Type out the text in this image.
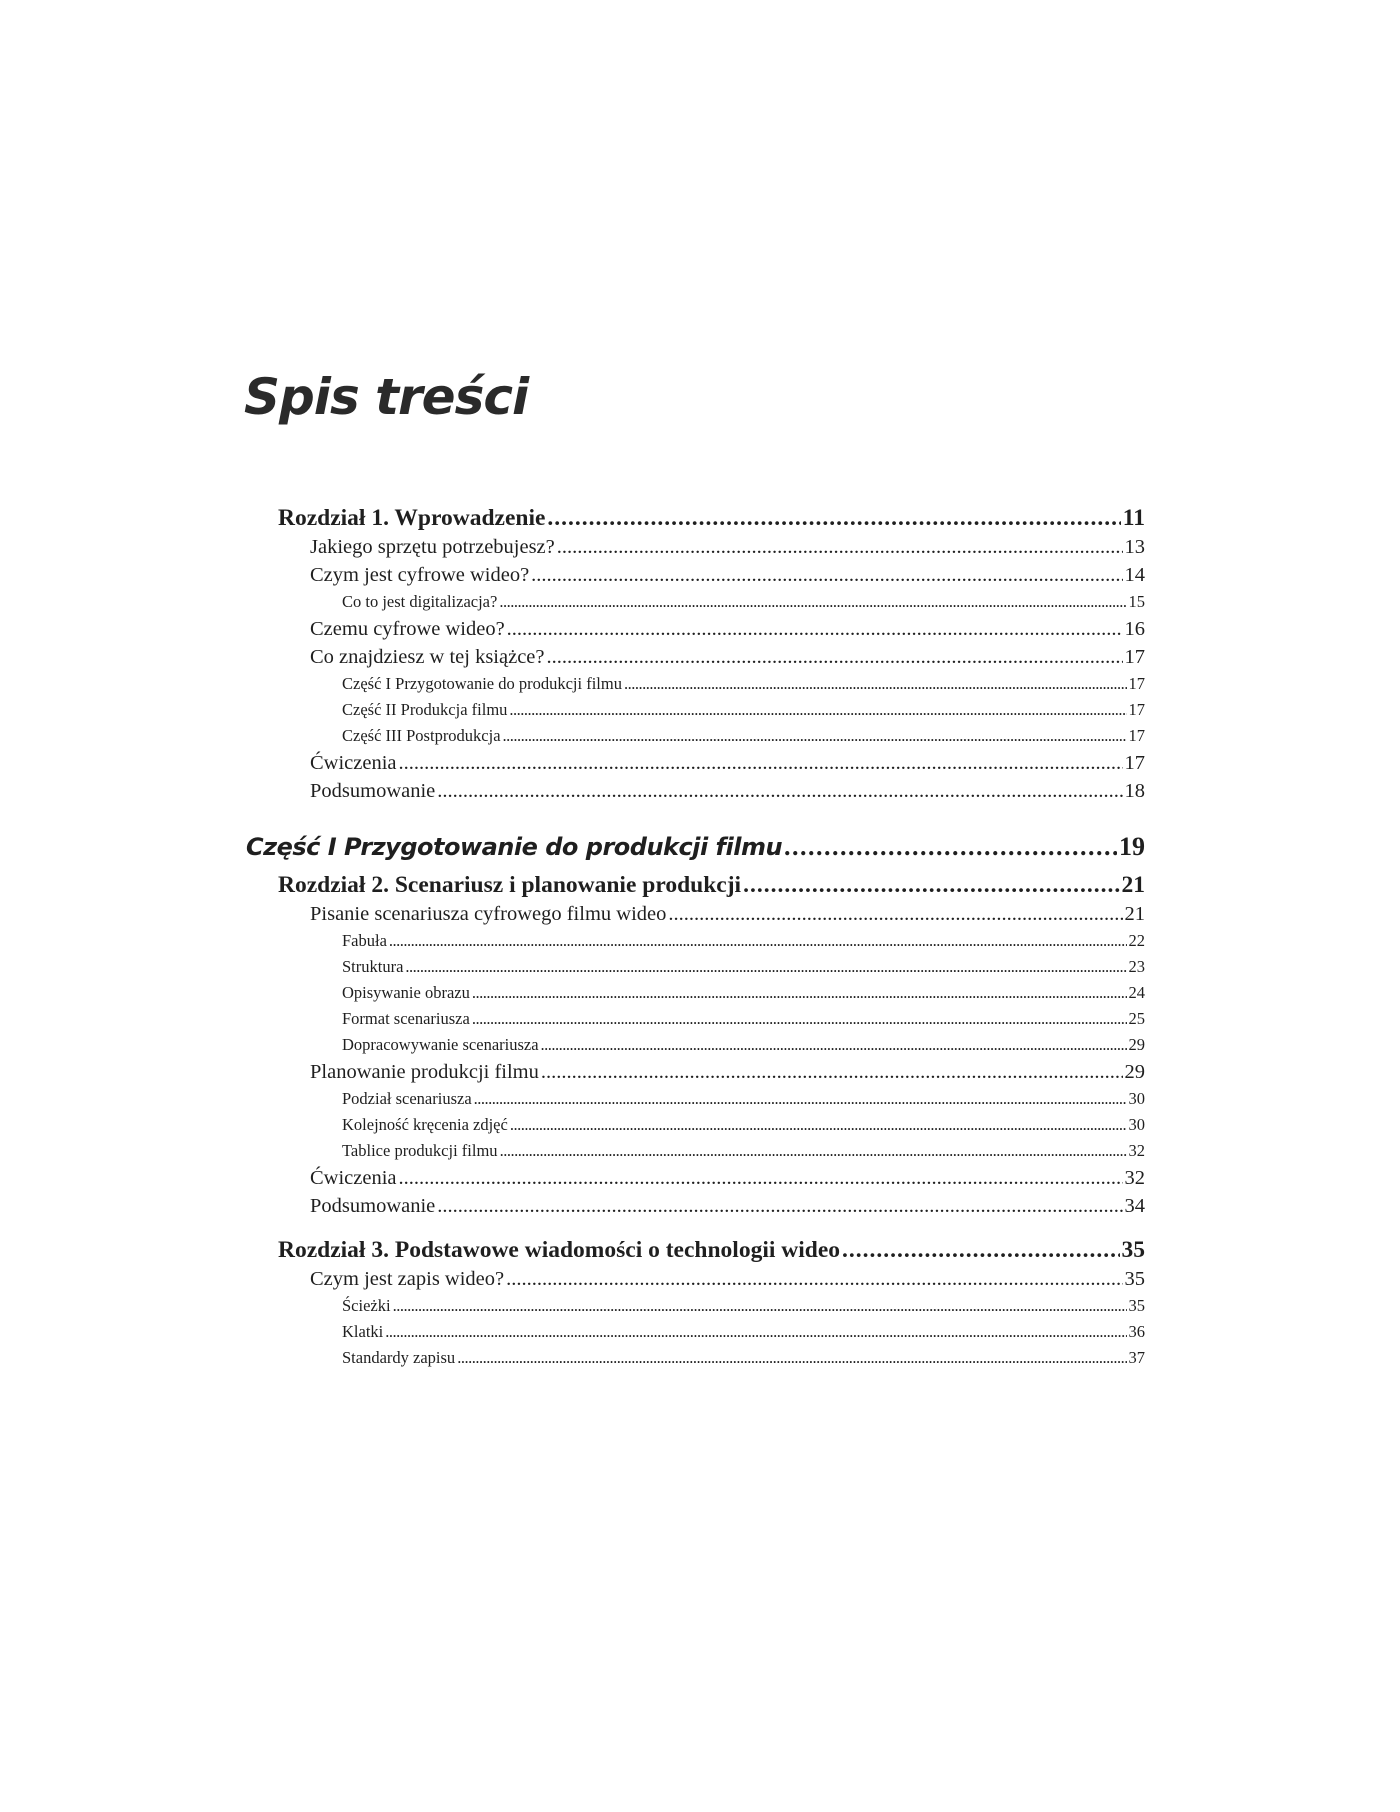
Spis treści
Rozdział 1. Wprowadzenie .....	11
Jakiego sprzętu potrzebujesz? .....	13
Czym jest cyfrowe wideo? .....	14
Co to jest digitalizacja? .....	15
Czemu cyfrowe wideo? .....	16
Co znajdziesz w tej książce? .....	17
Część I Przygotowanie do produkcji filmu .....	17
Część II Produkcja filmu .....	17
Część III Postprodukcja .....	17
Ćwiczenia .....	17
Podsumowanie .....	18
Część I Przygotowanie do produkcji filmu .....	19
Rozdział 2. Scenariusz i planowanie produkcji .....	21
Pisanie scenariusza cyfrowego filmu wideo .....	21
Fabuła .....	22
Struktura .....	23
Opisywanie obrazu .....	24
Format scenariusza .....	25
Dopracowywanie scenariusza .....	29
Planowanie produkcji filmu .....	29
Podział scenariusza .....	30
Kolejność kręcenia zdjęć .....	30
Tablice produkcji filmu .....	32
Ćwiczenia .....	32
Podsumowanie .....	34
Rozdział 3. Podstawowe wiadomości o technologii wideo .....	35
Czym jest zapis wideo? .....	35
Ścieżki .....	35
Klatki .....	36
Standardy zapisu .....	37
